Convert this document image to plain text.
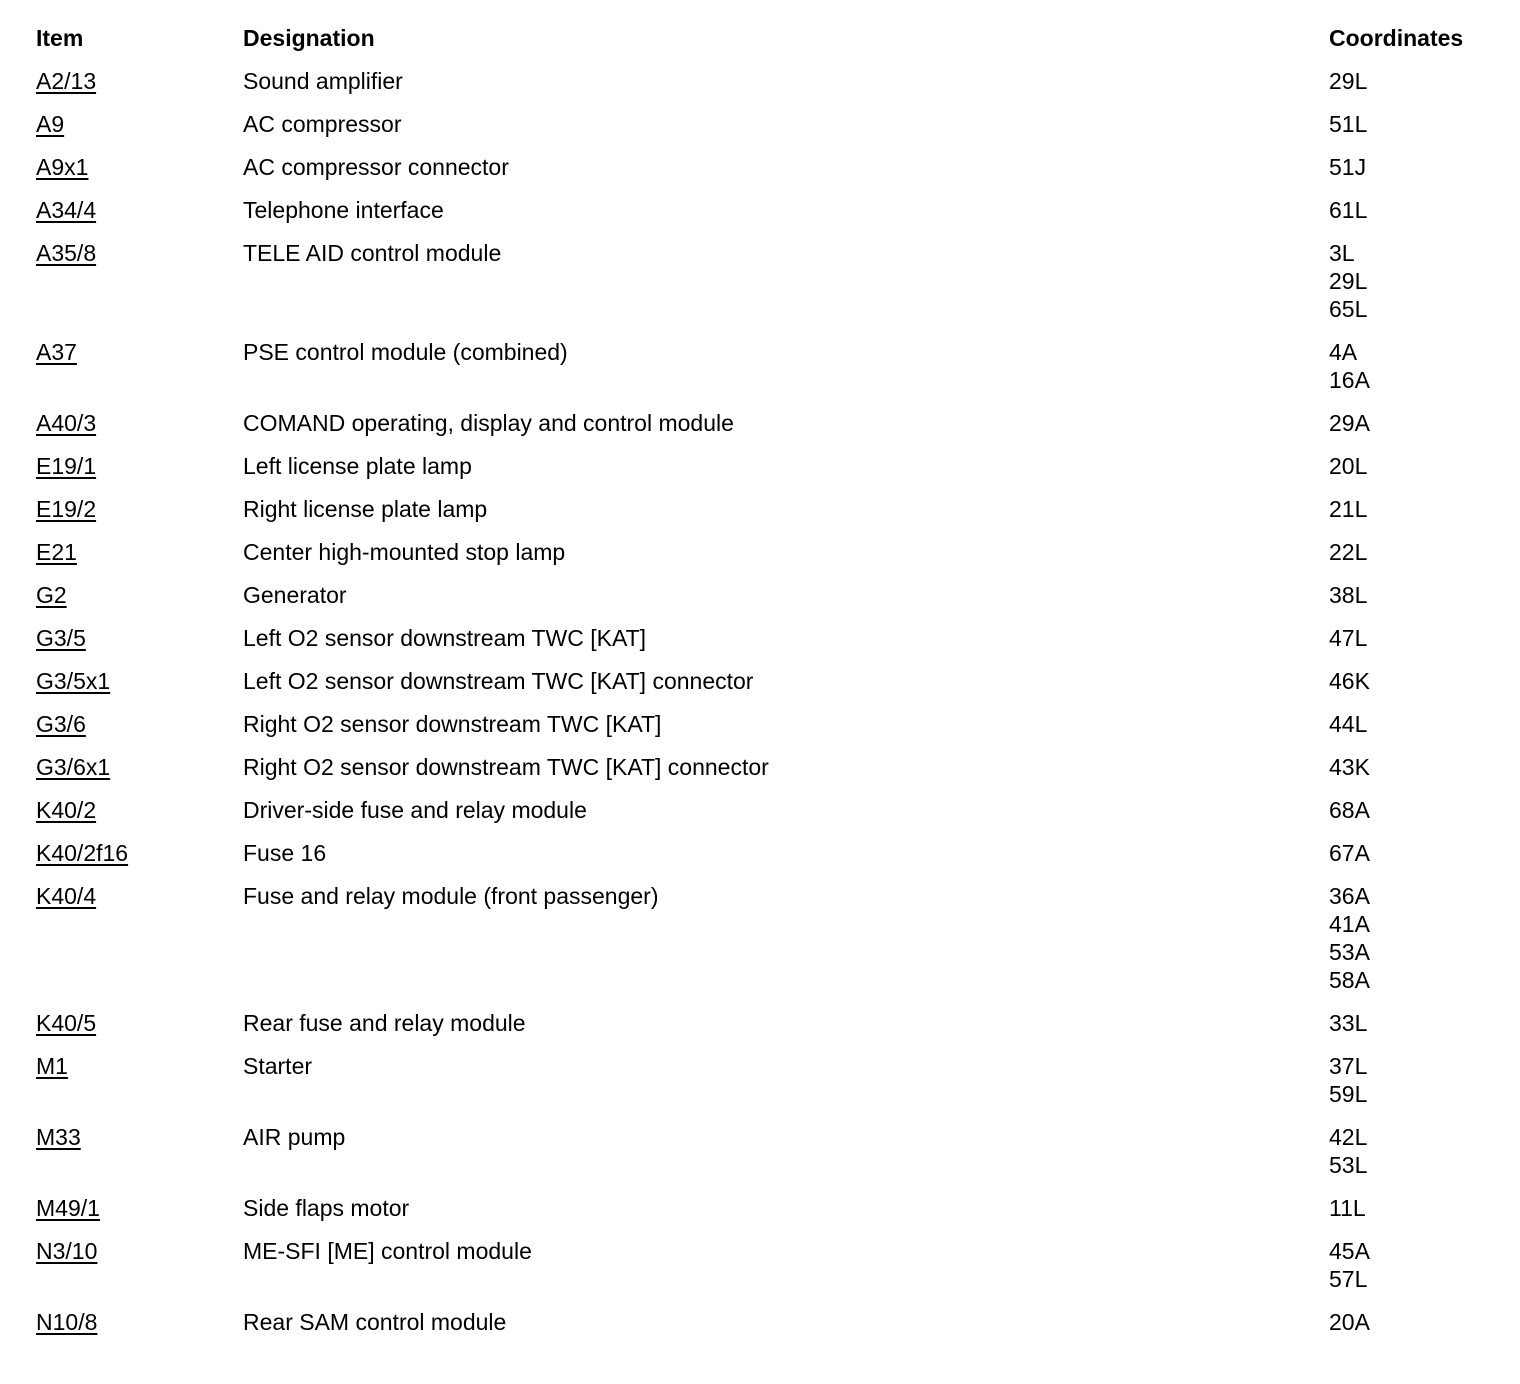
Item	Designation	Coordinates
A2/13	Sound amplifier	29L

A9	AC compressor	51L

A9x1	AC compressor connector	51J

A34/4	Telephone interface	61L

A35/8	TELE AID control module	3L
29L
65L

A37	PSE control module (combined)	4A
16A

A40/3	COMAND operating, display and control module	29A

E19/1	Left license plate lamp	20L

E19/2	Right license plate lamp	21L

E21	Center high-mounted stop lamp	22L

G2	Generator	38L

G3/5	Left O2 sensor downstream TWC [KAT]	47L

G3/5x1	Left O2 sensor downstream TWC [KAT] connector	46K

G3/6	Right O2 sensor downstream TWC [KAT]	44L

G3/6x1	Right O2 sensor downstream TWC [KAT] connector	43K

K40/2	Driver-side fuse and relay module	68A

K40/2f16	Fuse 16	67A

K40/4	Fuse and relay module (front passenger)	36A
41A
53A
58A

K40/5	Rear fuse and relay module	33L

M1	Starter	37L
59L

M33	AIR pump	42L
53L

M49/1	Side flaps motor	11L

N3/10	ME-SFI [ME] control module	45A
57L

N10/8	Rear SAM control module	20A
